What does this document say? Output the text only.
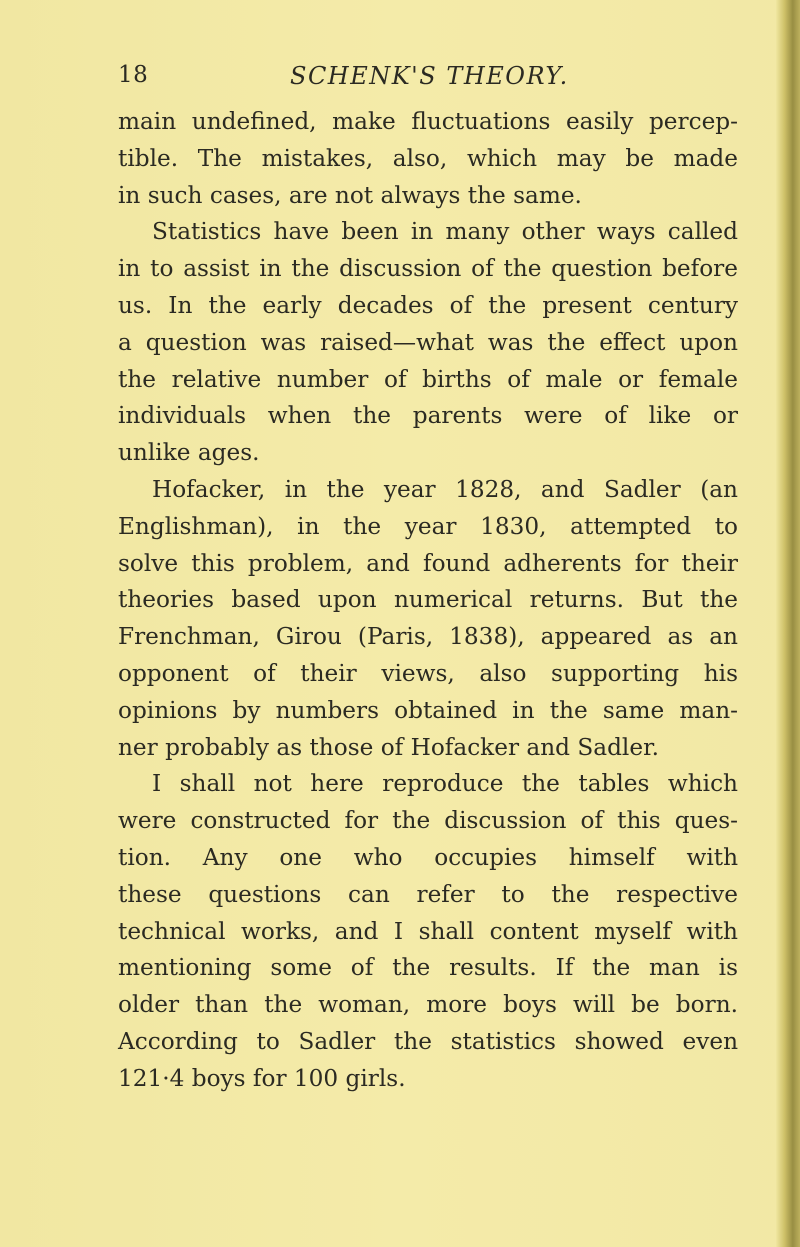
18	SCHENK'S THEORY.
main undefined, make fluctuations easily percep-
tible. The mistakes, also, which may be made
in such cases, are not always the same.
Statistics have been in many other ways called
in to assist in the discussion of the question before
us. In the early decades of the present century
a question was raised—what was the effect upon
the relative number of births of male or female
individuals when the parents were of like or
unlike ages.
Hofacker, in the year 1828, and Sadler (an
Englishman), in the year 1830, attempted to
solve this problem, and found adherents for their
theories based upon numerical returns. But the
Frenchman, Girou (Paris, 1838), appeared as an
opponent of their views, also supporting his
opinions by numbers obtained in the same man-
ner probably as those of Hofacker and Sadler.
I shall not here reproduce the tables which
were constructed for the discussion of this ques-
tion. Any one who occupies himself with
these questions can refer to the respective
technical works, and I shall content myself with
mentioning some of the results. If the man is
older than the woman, more boys will be born.
According to Sadler the statistics showed even
121·4 boys for 100 girls.
